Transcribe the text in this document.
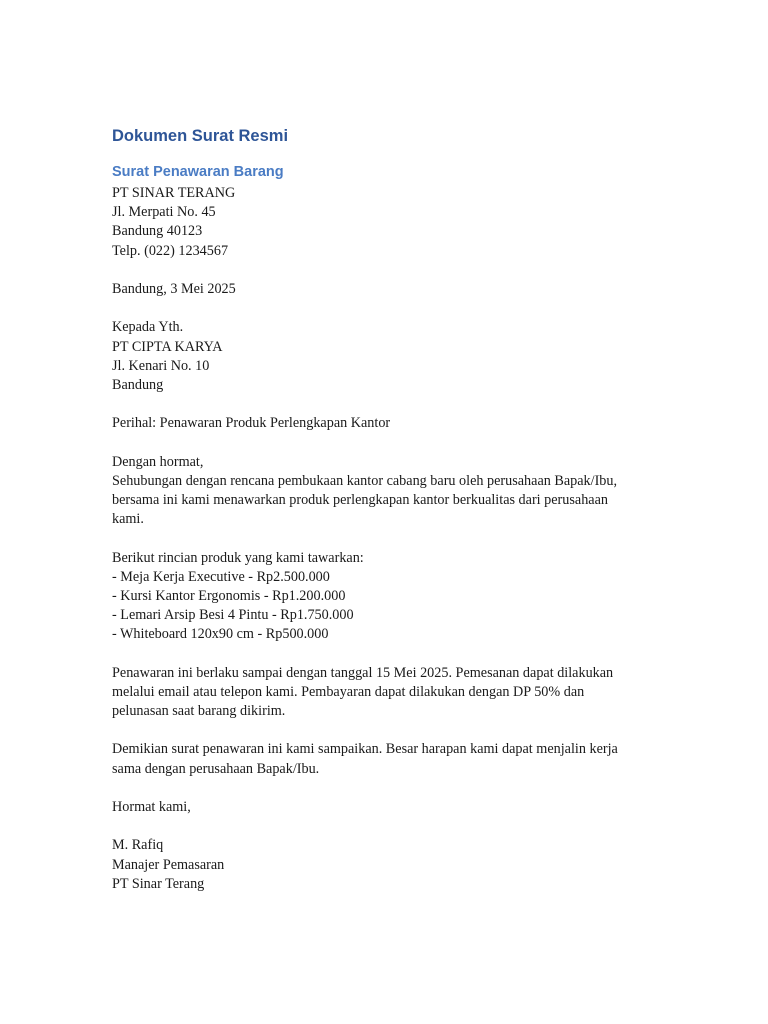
Dokumen Surat Resmi
Surat Penawaran Barang
PT SINAR TERANG
Jl. Merpati No. 45
Bandung 40123
Telp. (022) 1234567
Bandung, 3 Mei 2025
Kepada Yth.
PT CIPTA KARYA
Jl. Kenari No. 10
Bandung
Perihal: Penawaran Produk Perlengkapan Kantor
Dengan hormat,
Sehubungan dengan rencana pembukaan kantor cabang baru oleh perusahaan Bapak/Ibu,
bersama ini kami menawarkan produk perlengkapan kantor berkualitas dari perusahaan
kami.
Berikut rincian produk yang kami tawarkan:
- Meja Kerja Executive - Rp2.500.000
- Kursi Kantor Ergonomis - Rp1.200.000
- Lemari Arsip Besi 4 Pintu - Rp1.750.000
- Whiteboard 120x90 cm - Rp500.000
Penawaran ini berlaku sampai dengan tanggal 15 Mei 2025. Pemesanan dapat dilakukan
melalui email atau telepon kami. Pembayaran dapat dilakukan dengan DP 50% dan
pelunasan saat barang dikirim.
Demikian surat penawaran ini kami sampaikan. Besar harapan kami dapat menjalin kerja
sama dengan perusahaan Bapak/Ibu.
Hormat kami,
M. Rafiq
Manajer Pemasaran
PT Sinar Terang
